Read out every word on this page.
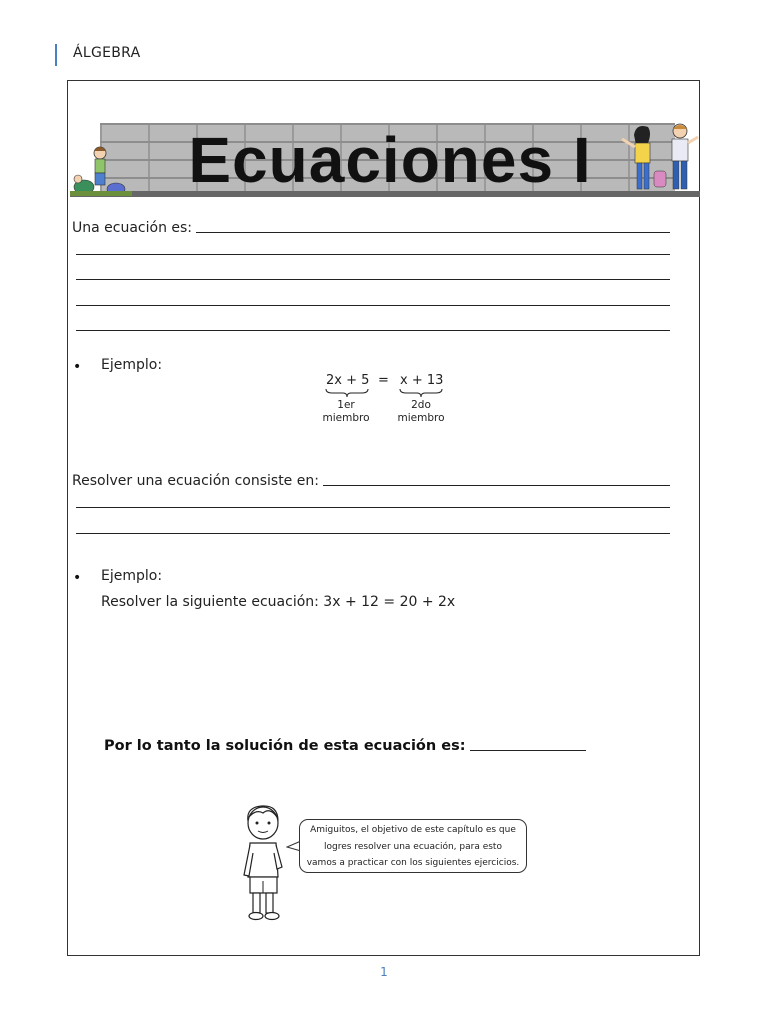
ÁLGEBRA
Ecuaciones I
Una ecuación es:
• Ejemplo:
2x + 5 = x + 13
1er
miembro
2do
miembro
Resolver una ecuación consiste en:
• Ejemplo:
Resolver la siguiente ecuación: 3x + 12 = 20 + 2x
Por lo tanto la solución de esta ecuación es:
Amiguitos, el objetivo de este capítulo es que
logres resolver una ecuación, para esto
vamos a practicar con los siguientes ejercicios.
1
